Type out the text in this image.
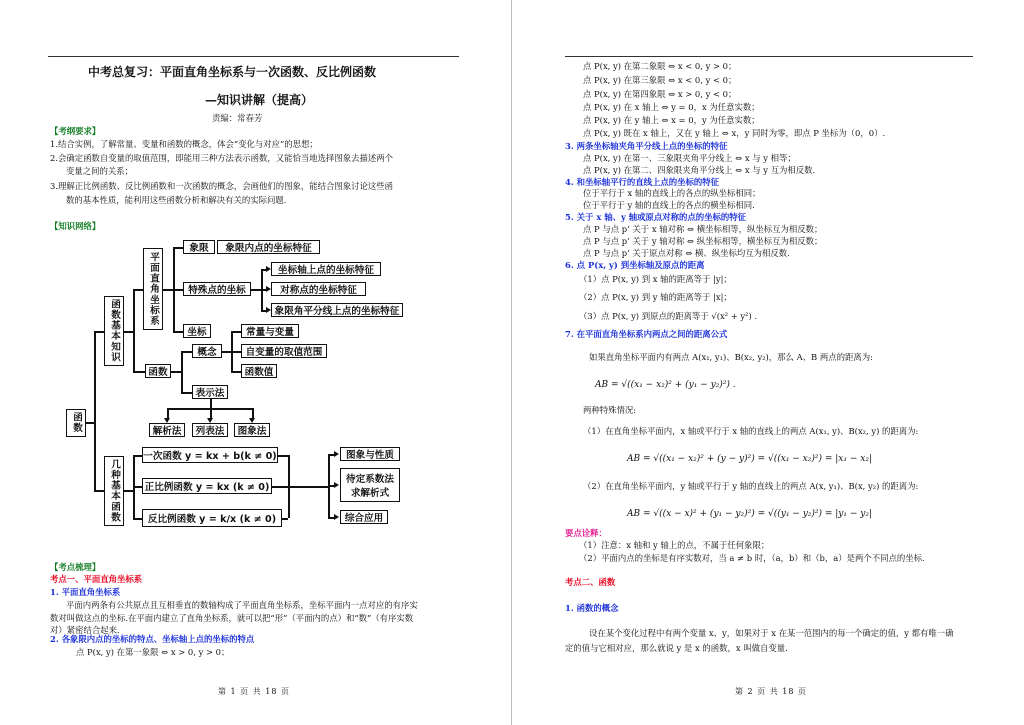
中考总复习：平面直角坐标系与一次函数、反比例函数
—知识讲解（提高）
责编：常春芳
【考纲要求】
1.结合实例，了解常量、变量和函数的概念，体会“变化与对应”的思想；
2.会确定函数自变量的取值范围，即能用三种方法表示函数，又能恰当地选择图象去描述两个
变量之间的关系；
3.理解正比例函数、反比例函数和一次函数的概念，会画他们的图象，能结合图象讨论这些函
数的基本性质，能利用这些函数分析和解决有关的实际问题.
【知识网络】
函数
函数基本知识
平面直角坐标系
象限	象限内点的坐标特征
特殊点的坐标
坐标轴上点的坐标特征
对称点的坐标特征
象限角平分线上点的坐标特征
坐标
函数
概念
常量与变量
自变量的取值范围
函数值
表示法
解析法	列表法	图象法
几种基本函数
一次函数 y = kx + b(k ≠ 0)
正比例函数 y = kx (k ≠ 0)
反比例函数 y = k/x (k ≠ 0)
图象与性质
待定系数法
求解析式
综合应用
【考点梳理】
考点一、平面直角坐标系
1. 平面直角坐标系
平面内两条有公共原点且互相垂直的数轴构成了平面直角坐标系，坐标平面内一点对应的有序实
数对叫做这点的坐标.在平面内建立了直角坐标系，就可以把“形”（平面内的点）和“数”（有序实数
对）紧密结合起来.
2. 各象限内点的坐标的特点、坐标轴上点的坐标的特点
点 P(x, y) 在第一象限 ⇔ x > 0, y > 0；
第 1 页 共 18 页
点 P(x, y) 在第二象限 ⇔ x < 0, y > 0；
点 P(x, y) 在第三象限 ⇔ x < 0, y < 0；
点 P(x, y) 在第四象限 ⇔ x > 0, y < 0；
点 P(x, y) 在 x 轴上 ⇔ y = 0，x 为任意实数；
点 P(x, y) 在 y 轴上 ⇔ x = 0，y 为任意实数；
点 P(x, y) 既在 x 轴上，又在 y 轴上 ⇔ x，y 同时为零，即点 P 坐标为（0，0）.
3. 两条坐标轴夹角平分线上点的坐标的特征
点 P(x, y) 在第一、三象限夹角平分线上 ⇔ x 与 y 相等；
点 P(x, y) 在第二、四象限夹角平分线上 ⇔ x 与 y 互为相反数.
4. 和坐标轴平行的直线上点的坐标的特征
位于平行于 x 轴的直线上的各点的纵坐标相同；
位于平行于 y 轴的直线上的各点的横坐标相同.
5. 关于 x 轴、y 轴或原点对称的点的坐标的特征
点 P 与点 p’ 关于 x 轴对称 ⇔ 横坐标相等，纵坐标互为相反数；
点 P 与点 p’ 关于 y 轴对称 ⇔ 纵坐标相等，横坐标互为相反数；
点 P 与点 p’ 关于原点对称 ⇔ 横、纵坐标均互为相反数.
6. 点 P(x, y) 到坐标轴及原点的距离
（1）点 P(x, y) 到 x 轴的距离等于 |y|；
（2）点 P(x, y) 到 y 轴的距离等于 |x|；
（3）点 P(x, y) 到原点的距离等于 √(x² + y²) .
7. 在平面直角坐标系内两点之间的距离公式
如果直角坐标平面内有两点 A(x₁, y₁)、B(x₂, y₂)，那么 A、B 两点的距离为:
AB = √((x₁ − x₂)² + (y₁ − y₂)²) .
两种特殊情况:
（1）在直角坐标平面内，x 轴或平行于 x 轴的直线上的两点 A(x₁, y)、B(x₂, y) 的距离为:
AB = √((x₁ − x₂)² + (y − y)²) = √((x₁ − x₂)²) = |x₁ − x₂|
（2）在直角坐标平面内，y 轴或平行于 y 轴的直线上的两点 A(x, y₁)、B(x, y₂) 的距离为:
AB = √((x − x)² + (y₁ − y₂)²) = √((y₁ − y₂)²) = |y₁ − y₂|
要点诠释：
（1）注意：x 轴和 y 轴上的点，不属于任何象限；
（2）平面内点的坐标是有序实数对，当 a ≠ b 时，（a，b）和（b，a）是两个不同点的坐标.
考点二、函数
1. 函数的概念
设在某个变化过程中有两个变量 x、y，如果对于 x 在某一范围内的每一个确定的值，y 都有唯一确
定的值与它相对应，那么就说 y 是 x 的函数，x 叫做自变量.
第 2 页 共 18 页
